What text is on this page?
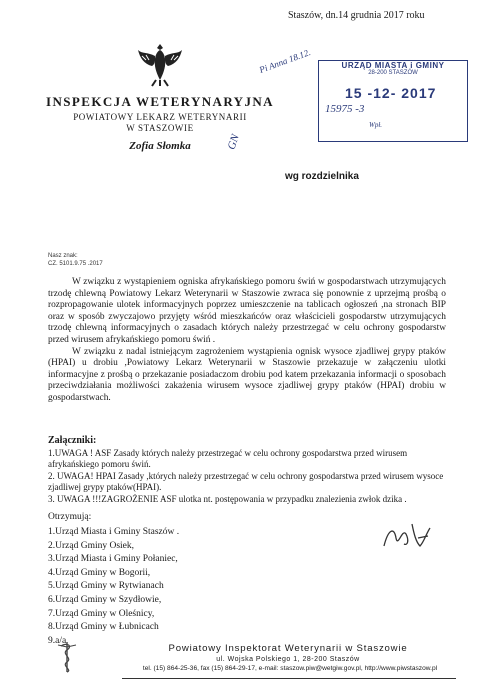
Staszów, dn.14 grudnia 2017 roku
INSPEKCJA WETERYNARYJNA
POWIATOWY LEKARZ WETERYNARII
W STASZOWIE
Zofia Słomka
wg rozdzielnika
Pi Anna 18.12.
GN
URZĄD MIASTA i GMINY
28-200 STASZÓW
15 -12- 2017
15975 -3
Wpł.
Nasz znak:
CZ. 5101.9.75 .2017

W związku z wystąpieniem ogniska afrykańskiego pomoru świń w gospodarstwach utrzymujących trzodę chlewną Powiatowy Lekarz Weterynarii w Staszowie zwraca się ponownie z uprzejmą prośbą o rozpropagowanie ulotek informacyjnych poprzez umieszczenie na tablicach ogłoszeń ,na stronach BIP oraz w sposób zwyczajowo przyjęty wśród mieszkańców oraz właścicieli gospodarstw utrzymujących trzodę chlewną informacyjnych o zasadach których należy przestrzegać w celu ochrony gospodarstw przed wirusem afrykańskiego pomoru świń .

W związku z nadal istniejącym zagrożeniem wystąpienia ognisk wysoce zjadliwej grypy ptaków (HPAI) u drobiu ,Powiatowy Lekarz Weterynarii w Staszowie przekazuje w załączeniu ulotki informacyjne z prośbą o przekazanie posiadaczom drobiu pod katem przekazania informacji o sposobach przeciwdziałania możliwości zakażenia wirusem wysoce zjadliwej grypy ptaków (HPAI) drobiu w gospodarstwach.

Załączniki:
1.UWAGA ! ASF Zasady których należy przestrzegać w celu ochrony gospodarstwa przed wirusem afrykańskiego pomoru świń.
2. UWAGA! HPAI Zasady ,których należy przestrzegać w celu ochrony gospodarstwa przed wirusem wysoce zjadliwej grypy ptaków(HPAI).
3. UWAGA !!!ZAGROŻENIE ASF ulotka nt. postępowania w przypadku znalezienia zwłok dzika .
Otrzymują:
1.Urząd Miasta i Gminy Staszów .
2.Urząd Gminy Osiek,
3.Urząd Miasta i Gminy Połaniec,
4.Urząd Gminy w Bogorii,
5.Urząd Gminy w Rytwianach
6.Urząd Gminy w Szydłowie,
7.Urząd Gminy w Oleśnicy,
8.Urząd Gminy w Łubnicach
9.a/a
Powiatowy Inspektorat Weterynarii w Staszowie
ul. Wojska Polskiego 1, 28-200 Staszów
tel. (15) 864-25-36, fax (15) 864-29-17, e-mail: staszow.piw@wetgiw.gov.pl, http://www.piwstaszow.pl
